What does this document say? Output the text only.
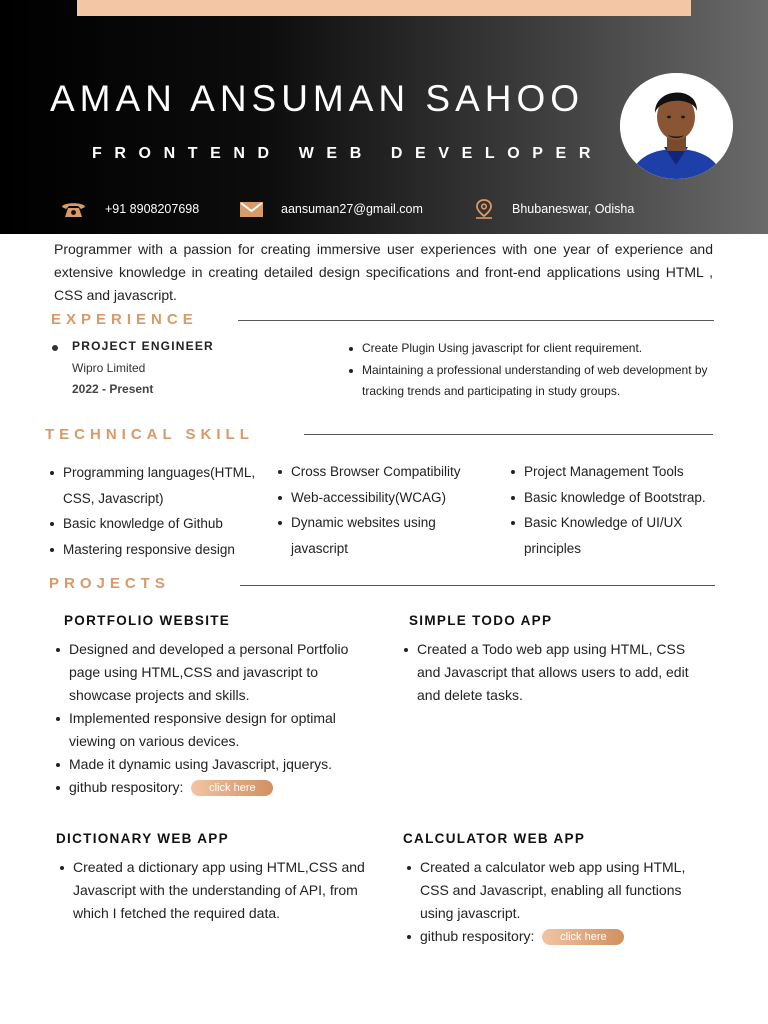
AMAN ANSUMAN SAHOO
FRONTEND WEB DEVELOPER
+91 8908207698	aansuman27@gmail.com	Bhubaneswar, Odisha
Programmer with a passion for creating immersive user experiences with one year of experience and extensive knowledge in creating detailed design specifications and front-end applications using HTML , CSS and javascript.
EXPERIENCE
PROJECT ENGINEER
Wipro Limited
2022 - Present
Create Plugin Using javascript for client requirement.
Maintaining a professional understanding of web development by tracking trends and participating in study groups.
TECHNICAL SKILL
Programming languages(HTML, CSS, Javascript)
Basic knowledge of Github
Mastering responsive design
Cross Browser Compatibility
Web-accessibility(WCAG)
Dynamic websites using javascript
Project Management Tools
Basic knowledge of Bootstrap.
Basic Knowledge of UI/UX principles
PROJECTS
PORTFOLIO WEBSITE
Designed and developed a personal Portfolio page using HTML,CSS and javascript to showcase projects and skills.
Implemented responsive design for optimal viewing on various devices.
Made it dynamic using Javascript, jquerys.
github respository: click here
SIMPLE TODO APP
Created a Todo web app using HTML, CSS and Javascript that allows users to add, edit and delete tasks.
DICTIONARY WEB APP
Created a dictionary app using HTML,CSS and Javascript with the understanding of API, from which I fetched the required data.
CALCULATOR WEB APP
Created a calculator web app using HTML, CSS and Javascript, enabling all functions using javascript.
github respository: click here
